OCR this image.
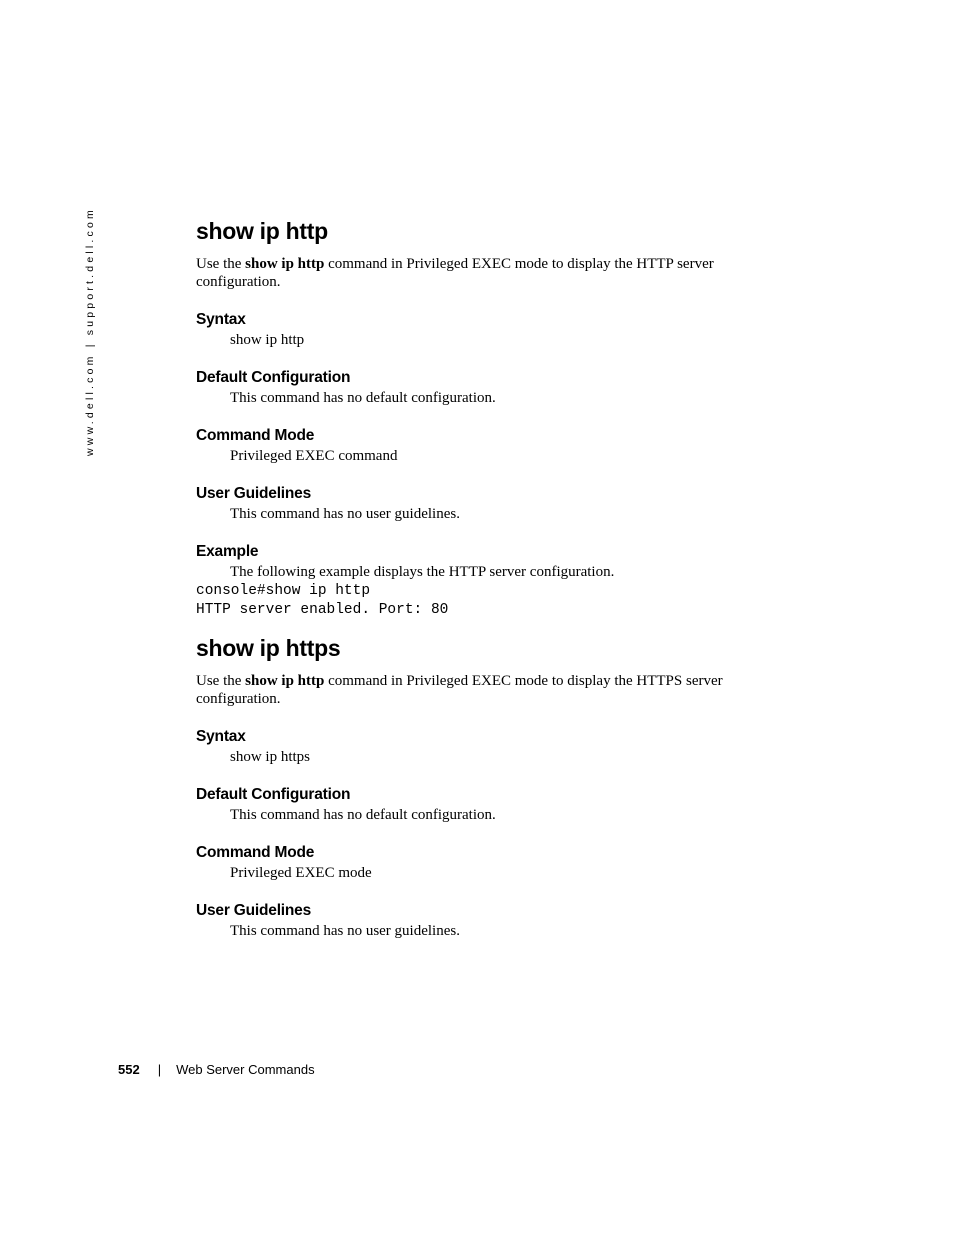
www.dell.com | support.dell.com	show ip http

Use the show ip http command in Privileged EXEC mode to display the HTTP server configuration.

Syntax

show ip http

Default Configuration

This command has no default configuration.

Command Mode

Privileged EXEC command

User Guidelines

This command has no user guidelines.

Example

The following example displays the HTTP server configuration.

console#show ip http

HTTP server enabled. Port: 80

show ip https

Use the show ip http command in Privileged EXEC mode to display the HTTPS server configuration.

Syntax

show ip https

Default Configuration

This command has no default configuration.

Command Mode

Privileged EXEC mode

User Guidelines

This command has no user guidelines.

552 | Web Server Commands
